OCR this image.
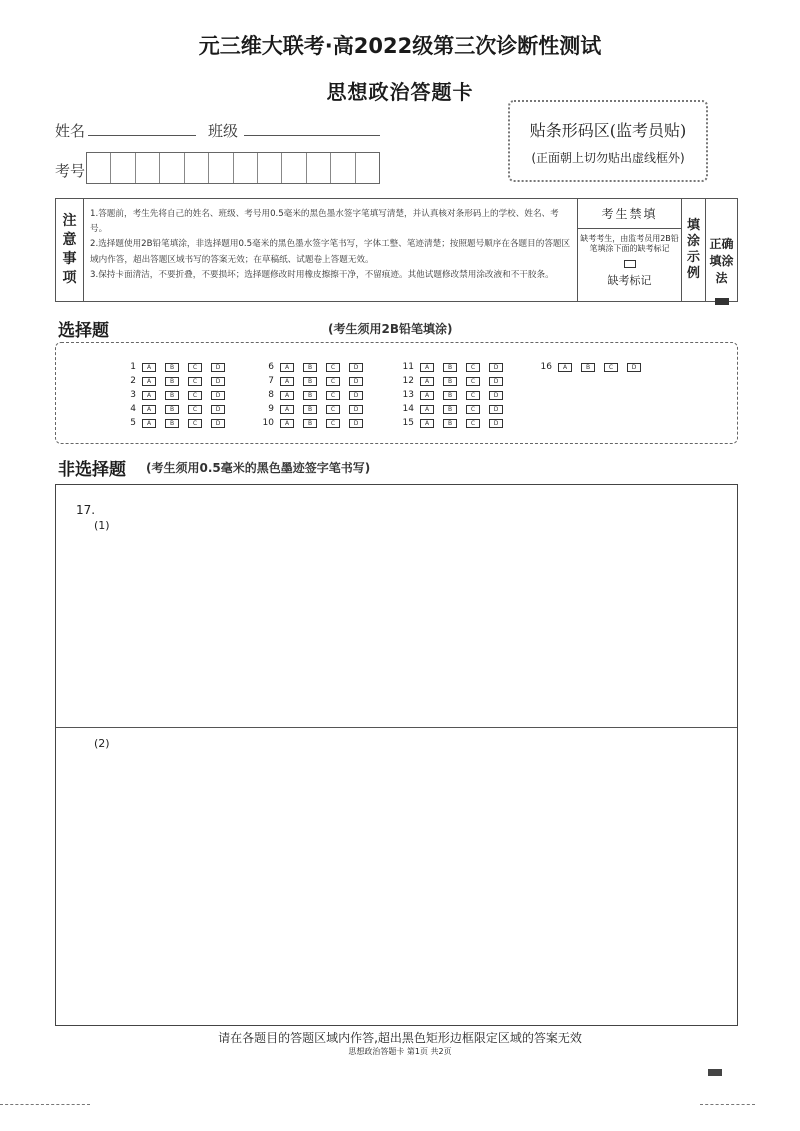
元三维大联考·高2022级第三次诊断性测试
思想政治答题卡
姓名	班级
考号
贴条形码区(监考员贴)
(正面朝上切勿贴出虚线框外)
注
意
事
项
1.答题前，考生先将自己的姓名、班级、考号用0.5毫米的黑色墨水签字笔填写清楚，并认真核对条形码上的学校、姓名、考号。
2.选择题使用2B铅笔填涂，非选择题用0.5毫米的黑色墨水签字笔书写，字体工整、笔迹清楚；按照题号顺序在各题目的答题区域内作答，超出答题区域书写的答案无效；在草稿纸、试题卷上答题无效。
3.保持卡面清洁，不要折叠，不要损坏；选择题修改时用橡皮擦擦干净，不留痕迹。其他试题修改禁用涂改液和不干胶条。
考生禁填
缺考考生，由监考员用2B铅笔填涂下面的缺考标记
缺考标记
填
涂
示
例
正确填涂法
选择题	(考生须用2B铅笔填涂)
1	A	B	C	D
2	A	B	C	D
3	A	B	C	D
4	A	B	C	D
5	A	B	C	D
6	A	B	C	D
7	A	B	C	D
8	A	B	C	D
9	A	B	C	D
10	A	B	C	D
11	A	B	C	D
12	A	B	C	D
13	A	B	C	D
14	A	B	C	D
15	A	B	C	D
16	A	B	C	D
非选择题 (考生须用0.5毫米的黑色墨迹签字笔书写)
17.
(1)
(2)
请在各题目的答题区域内作答,超出黑色矩形边框限定区域的答案无效
思想政治答题卡 第1页 共2页
